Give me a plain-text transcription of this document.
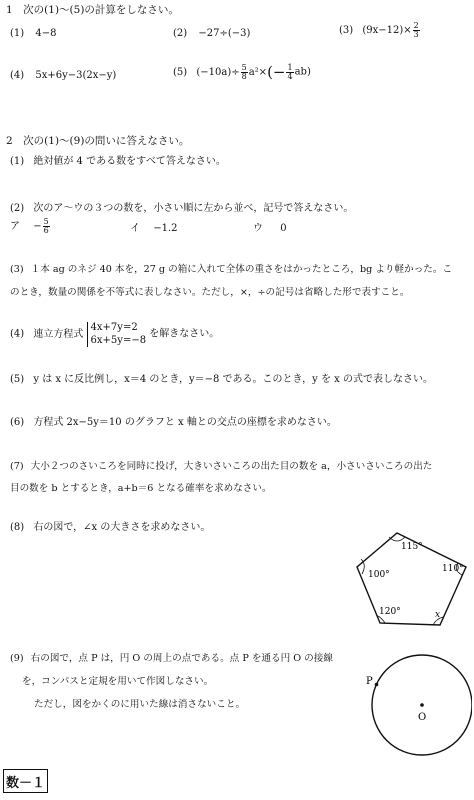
1　次の(1)〜(5)の計算をしなさい。
(1) 4−8	(2) −27÷(−3)	(3) $(9x-12)\times \frac{2}{3}$
(4) 5x+6y−3(2x−y)	(5) $(-10a)\div \frac{5}{8} a^2\times(- \frac{1}{4} ab)$
2　次の(1)〜(9)の問いに答えなさい。
(1) 絶対値が 4 である数をすべて答えなさい。
(2) 次のア〜ウの３つの数を，小さい順に左から並べ，記号で答えなさい。
ア − $\frac{5}{6}$	イ −1.2	ウ 0
(3) １本 ag のネジ 40 本を，27 g の箱に入れて全体の重さをはかったところ，bg より軽かった。こ
のとき，数量の関係を不等式に表しなさい。ただし，×，÷の記号は省略した形で表すこと。
(4) 連立方程式
4x+7y=2
6x+5y=−8
を解きなさい。
(5) y は x に反比例し，x＝4 のとき，y＝−8 である。このとき，y を x の式で表しなさい。
(6) 方程式 2x−5y＝10 のグラフと x 軸との交点の座標を求めなさい。
(7) 大小２つのさいころを同時に投げ，大きいさいころの出た目の数を a，小さいさいころの出た
目の数を b とするとき，a+b＝6 となる確率を求めなさい。
(8) 右の図で，∠x の大きさを求めなさい。
115°
100°
110°
120°	x
(9) 右の図で，点 P は，円 O の周上の点である。点 P を通る円 O の接線
を，コンパスと定規を用いて作図しなさい。
ただし，図をかくのに用いた線は消さないこと。
P
O
数－１
